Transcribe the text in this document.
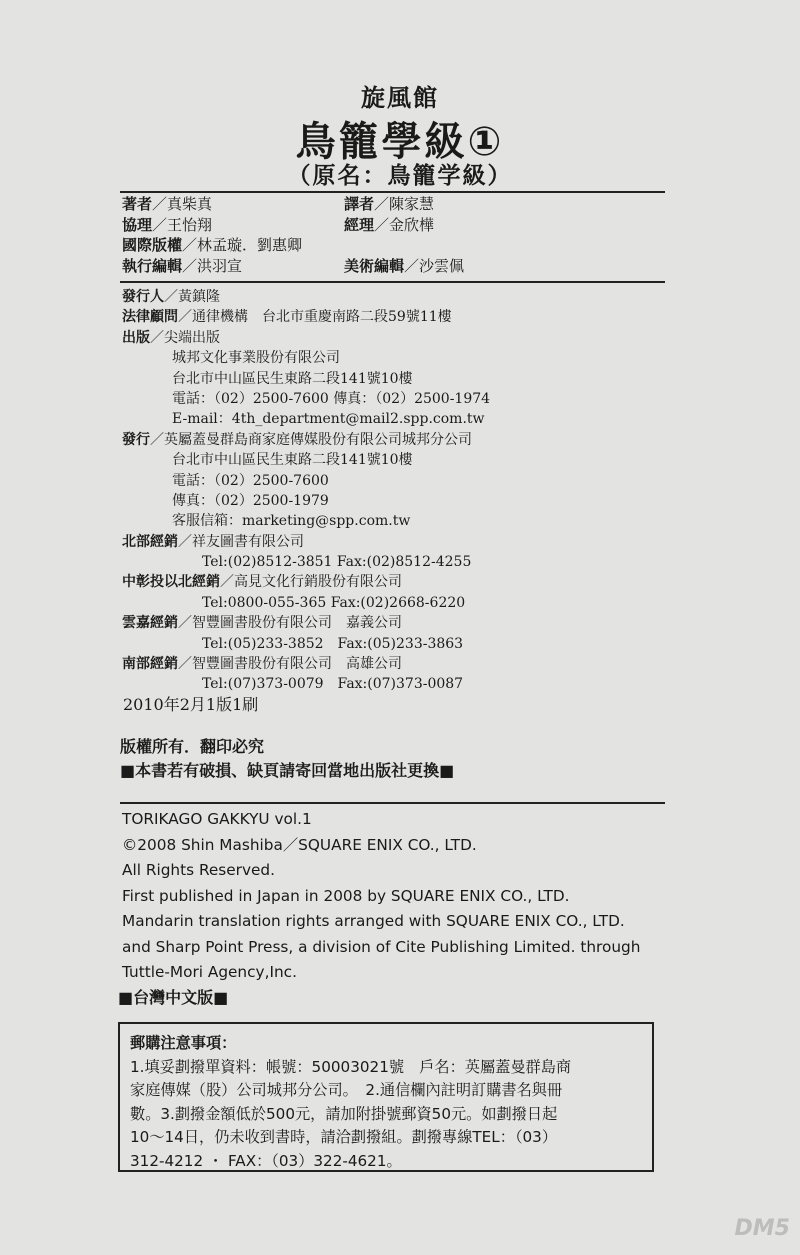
旋風館
鳥籠學級①
（原名：鳥籠学級）
著者／真柴真	譯者／陳家慧
協理／王怡翔	經理／金欣樺
國際版權／林孟璇．劉惠卿
執行編輯／洪羽宣	美術編輯／沙雲佩
發行人／黃鎮隆
法律顧問／通律機構　台北市重慶南路二段59號11樓
出版／尖端出版
城邦文化事業股份有限公司
台北市中山區民生東路二段141號10樓
電話：（02）2500-7600 傳真：（02）2500-1974
E-mail：4th_department@mail2.spp.com.tw
發行／英屬蓋曼群島商家庭傳媒股份有限公司城邦分公司
台北市中山區民生東路二段141號10樓
電話：（02）2500-7600
傳真：（02）2500-1979
客服信箱：marketing@spp.com.tw
北部經銷／祥友圖書有限公司
Tel:(02)8512-3851 Fax:(02)8512-4255
中彰投以北經銷／高見文化行銷股份有限公司
Tel:0800-055-365 Fax:(02)2668-6220
雲嘉經銷／智豐圖書股份有限公司　嘉義公司
Tel:(05)233-3852　Fax:(05)233-3863
南部經銷／智豐圖書股份有限公司　高雄公司
Tel:(07)373-0079　Fax:(07)373-0087
2010年2月1版1刷
版權所有．翻印必究
■本書若有破損、缺頁請寄回當地出版社更換■
TORIKAGO GAKKYU vol.1
©2008 Shin Mashiba／SQUARE ENIX CO., LTD.
All Rights Reserved.
First published in Japan in 2008 by SQUARE ENIX CO., LTD.
Mandarin translation rights arranged with SQUARE ENIX CO., LTD.
and Sharp Point Press, a division of Cite Publishing Limited. through
Tuttle-Mori Agency,Inc.
■台灣中文版■
郵購注意事項：
1.填妥劃撥單資料：帳號：50003021號　戶名：英屬蓋曼群島商
家庭傳媒（股）公司城邦分公司。　2.通信欄內註明訂購書名與冊
數。3.劃撥金額低於500元，請加附掛號郵資50元。如劃撥日起
10～14日，仍未收到書時，請洽劃撥組。劃撥專線TEL：（03）
312-4212 ・ FAX：（03）322-4621。
DM5
